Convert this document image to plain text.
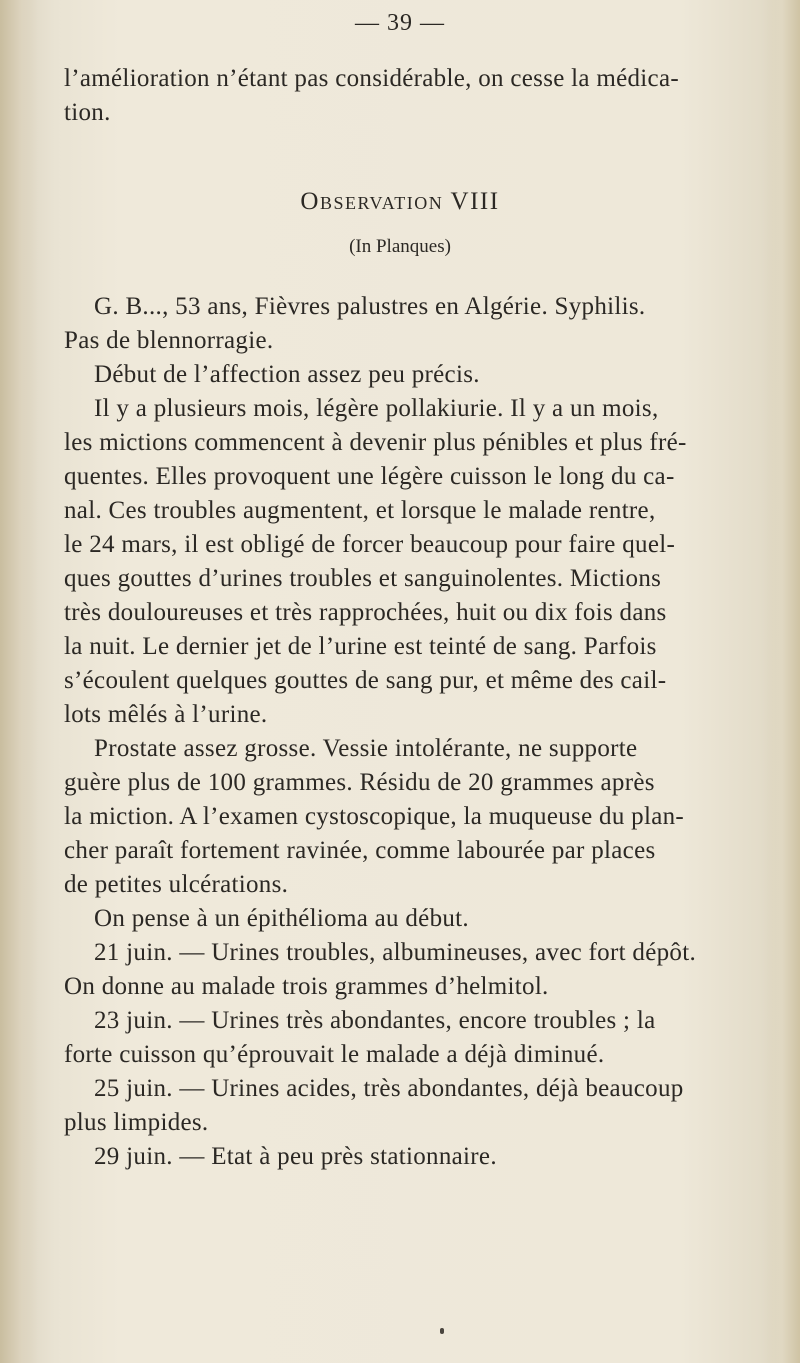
— 39 —
l’amélioration n’étant pas considérable, on cesse la médica-
tion.
Observation VIII
(In Planques)
G. B..., 53 ans, Fièvres palustres en Algérie. Syphilis.
Pas de blennorragie.
Début de l’affection assez peu précis.
Il y a plusieurs mois, légère pollakiurie. Il y a un mois,
les mictions commencent à devenir plus pénibles et plus fré-
quentes. Elles provoquent une légère cuisson le long du ca-
nal. Ces troubles augmentent, et lorsque le malade rentre,
le 24 mars, il est obligé de forcer beaucoup pour faire quel-
ques gouttes d’urines troubles et sanguinolentes. Mictions
très douloureuses et très rapprochées, huit ou dix fois dans
la nuit. Le dernier jet de l’urine est teinté de sang. Parfois
s’écoulent quelques gouttes de sang pur, et même des cail-
lots mêlés à l’urine.
Prostate assez grosse. Vessie intolérante, ne supporte
guère plus de 100 grammes. Résidu de 20 grammes après
la miction. A l’examen cystoscopique, la muqueuse du plan-
cher paraît fortement ravinée, comme labourée par places
de petites ulcérations.
On pense à un épithélioma au début.
21 juin. — Urines troubles, albumineuses, avec fort dépôt.
On donne au malade trois grammes d’helmitol.
23 juin. — Urines très abondantes, encore troubles ; la
forte cuisson qu’éprouvait le malade a déjà diminué.
25 juin. — Urines acides, très abondantes, déjà beaucoup
plus limpides.
29 juin. — Etat à peu près stationnaire.
